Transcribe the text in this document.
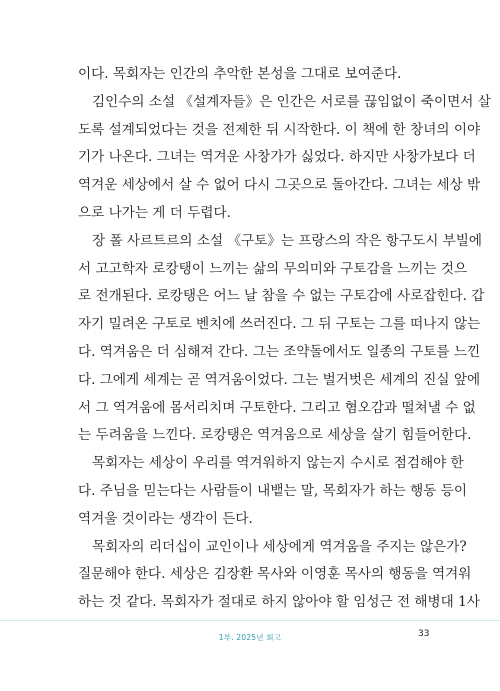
이다. 목회자는 인간의 추악한 본성을 그대로 보여준다.

김인수의 소설 《설계자들》은 인간은 서로를 끊임없이 죽이면서 살
도록 설계되었다는 것을 전제한 뒤 시작한다. 이 책에 한 창녀의 이야
기가 나온다. 그녀는 역겨운 사창가가 싫었다. 하지만 사창가보다 더
역겨운 세상에서 살 수 없어 다시 그곳으로 돌아간다. 그녀는 세상 밖
으로 나가는 게 더 두렵다.

장 폴 사르트르의 소설 《구토》는 프랑스의 작은 항구도시 부빌에
서 고고학자 로캉탱이 느끼는 삶의 무의미와 구토감을 느끼는 것으
로 전개된다. 로캉탱은 어느 날 참을 수 없는 구토감에 사로잡힌다. 갑
자기 밀려온 구토로 벤치에 쓰러진다. 그 뒤 구토는 그를 떠나지 않는
다. 역겨움은 더 심해져 간다. 그는 조약돌에서도 일종의 구토를 느낀
다. 그에게 세계는 곧 역겨움이었다. 그는 벌거벗은 세계의 진실 앞에
서 그 역겨움에 몸서리치며 구토한다. 그리고 혐오감과 떨쳐낼 수 없
는 두려움을 느낀다. 로캉탱은 역겨움으로 세상을 살기 힘들어한다.

목회자는 세상이 우리를 역겨워하지 않는지 수시로 점검해야 한
다. 주님을 믿는다는 사람들이 내뱉는 말, 목회자가 하는 행동 등이
역겨울 것이라는 생각이 든다.

목회자의 리더십이 교인이나 세상에게 역겨움을 주지는 않은가?
질문해야 한다. 세상은 김장환 목사와 이영훈 목사의 행동을 역겨워
하는 것 같다. 목회자가 절대로 하지 않아야 할 임성근 전 해병대 1사

1부. 2025년 회고	33
